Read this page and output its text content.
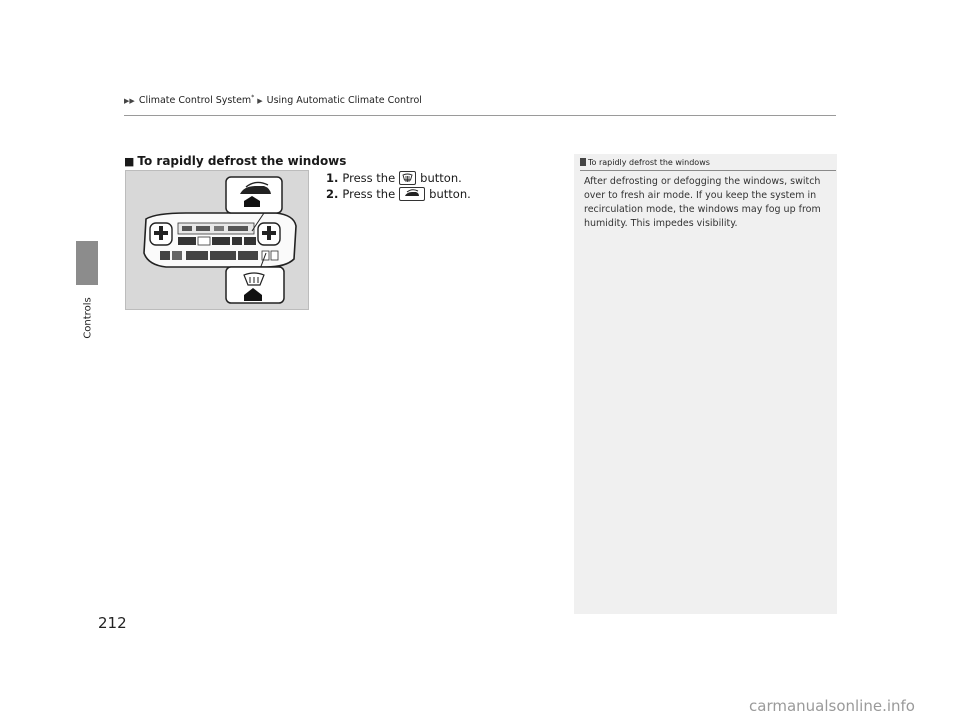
▶▶ Climate Control System* ▶ Using Automatic Climate Control
Controls
212
■ To rapidly defrost the windows
1. Press the button.
2. Press the	button.
To rapidly defrost the windows
After defrosting or defogging the windows, switch over to fresh air mode. If you keep the system in recirculation mode, the windows may fog up from humidity. This impedes visibility.
carmanualsonline.info
